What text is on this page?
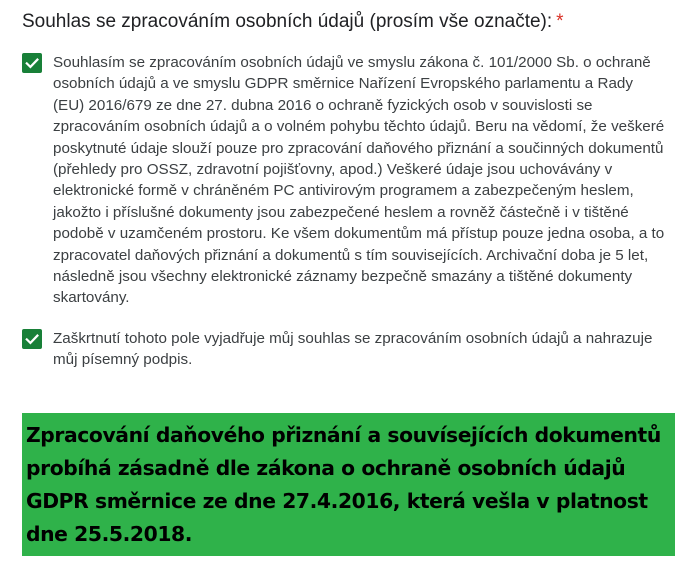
Souhlas se zpracováním osobních údajů (prosím vše označte): *
Souhlasím se zpracováním osobních údajů ve smyslu zákona č. 101/2000 Sb. o ochraně osobních údajů a ve smyslu GDPR směrnice Nařízení Evropského parlamentu a Rady (EU) 2016/679 ze dne 27. dubna 2016 o ochraně fyzických osob v souvislosti se zpracováním osobních údajů a o volném pohybu těchto údajů. Beru na vědomí, že veškeré poskytnuté údaje slouží pouze pro zpracování daňového přiznání a součinných dokumentů (přehledy pro OSSZ, zdravotní pojišťovny, apod.) Veškeré údaje jsou uchovávány v elektronické formě v chráněném PC antivirovým programem a zabezpečeným heslem, jakožto i příslušné dokumenty jsou zabezpečené heslem a rovněž částečně i v tištěné podobě v uzamčeném prostoru. Ke všem dokumentům má přístup pouze jedna osoba, a to zpracovatel daňových přiznání a dokumentů s tím souvisejících. Archivační doba je 5 let, následně jsou všechny elektronické záznamy bezpečně smazány a tištěné dokumenty skartovány.
Zaškrtnutí tohoto pole vyjadřuje můj souhlas se zpracováním osobních údajů a nahrazuje můj písemný podpis.
Zpracování daňového přiznání a souvísejících dokumentů probíhá zásadně dle zákona o ochraně osobních údajů GDPR směrnice ze dne 27.4.2016, která vešla v platnost dne 25.5.2018.
